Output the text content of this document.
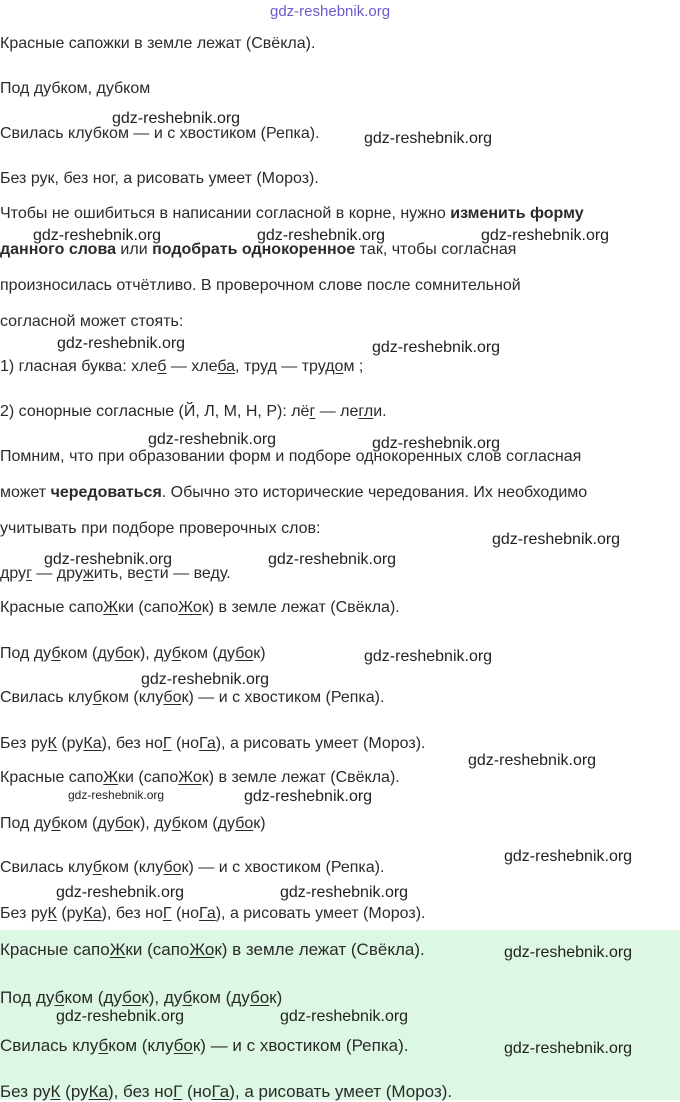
gdz-reshebnik.org
gdz-reshebnik.org
gdz-reshebnik.org
gdz-reshebnik.org	gdz-reshebnik.org	gdz-reshebnik.org
gdz-reshebnik.org	gdz-reshebnik.org
gdz-reshebnik.org	gdz-reshebnik.org
gdz-reshebnik.org
gdz-reshebnik.org	gdz-reshebnik.org
gdz-reshebnik.org
gdz-reshebnik.org
gdz-reshebnik.org
gdz-reshebnik.org	gdz-reshebnik.org
gdz-reshebnik.org
gdz-reshebnik.org	gdz-reshebnik.org
gdz-reshebnik.org
gdz-reshebnik.org	gdz-reshebnik.org
gdz-reshebnik.org
Красные сапожки в земле лежат (Свёкла).
Под дубком, дубком
Свилась клубком — и с хвостиком (Репка).
Без рук, без ног, а рисовать умеет (Мороз).
Чтобы не ошибиться в написании согласной в корне, нужно изменить форму
данного слова или подобрать однокоренное так, чтобы согласная
произносилась отчётливо. В проверочном слове после сомнительной
согласной может стоять:
1) гласная буква: хлеб — хлеба, труд — трудом ;
2) сонорные согласные (Й, Л, М, Н, Р): лёг — легли.
Помним, что при образовании форм и подборе однокоренных слов согласная
может чередоваться. Обычно это исторические чередования. Их необходимо
учитывать при подборе проверочных слов:
друг — дружить, вести — веду.
Красные сапоЖки (сапоЖок) в земле лежат (Свёкла).
Под дубком (дубок), дубком (дубок)
Свилась клубком (клубок) — и с хвостиком (Репка).
Без руК (руКа), без ноГ (ноГа), а рисовать умеет (Мороз).
Красные сапоЖки (сапоЖок) в земле лежат (Свёкла).
Под дубком (дубок), дубком (дубок)
Свилась клубком (клубок) — и с хвостиком (Репка).
Без руК (руКа), без ноГ (ноГа), а рисовать умеет (Мороз).
Красные сапоЖки (сапоЖок) в земле лежат (Свёкла).
Под дубком (дубок), дубком (дубок)
Свилась клубком (клубок) — и с хвостиком (Репка).
Без руК (руКа), без ноГ (ноГа), а рисовать умеет (Мороз).
